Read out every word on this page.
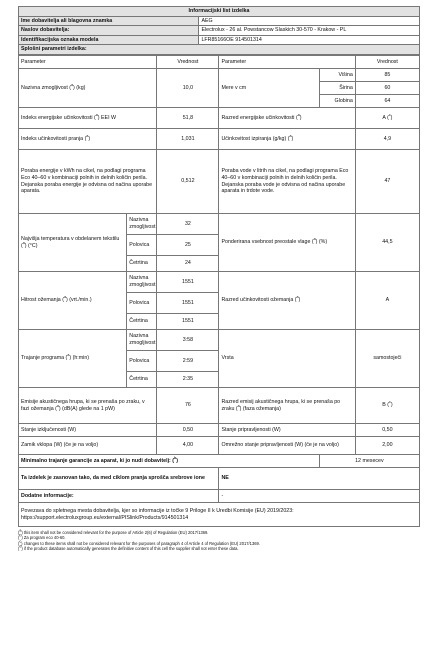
Informacijski list izdelka	
Ime dobavitelja ali blagovna znamka	AEG
Naslov dobavitelja:	Electrolux - 26 al. Powstancow Slaskich 30-570 - Krakow - PL
Identifikacijska oznaka modela	LFR85166OE 914501314
Splošni parametri izdelka:	
Parameter		Vrednost	Parameter		Vrednost
Nazivna zmogljivost ($^a$) (kg)		10,0	Mere v cm	Višina	85
				Širina	60
				Globina	64
Indeks energijske učinkovitosti ($^a$) EEI W		51,8	Razred energijske učinkovitosti ($^a$)		A ($^c$)
Indeks učinkovitosti pranja ($^a$)		1,031	Učinkovitost izpiranja (g/kg) ($^a$)		4,9
Poraba energije v kWh na cikel, na podlagi programa Eco 40–60 v kombinaciji polnih in delnih količin perila. Dejanska poraba energije je odvisna od načina uporabe aparata.		0,512	Poraba vode v litrih na cikel, na podlagi programa Eco 40–60 v kombinaciji polnih in delnih količin perila. Dejanska poraba vode je odvisna od načina uporabe aparata in trdote vode.		47
Najvišja temperatura v obdelanem tekstilu ($^a$) (°C)	Nazivna zmogljivost	32	Ponderirana vsebnost preostale vlage ($^a$) (%)		44,5
	Polovica	25			
	Četrtina	24			
Hitrost ožemanja ($^a$) (vrt./min.)	Nazivna zmogljivost	1551	Razred učinkovitosti ožemanja ($^a$)		A
	Polovica	1551			
	Četrtina	1551			
Trajanje programa ($^a$) (h:min)	Nazivna zmogljivost	3:58	Vrsta		samostoječi
	Polovica	2:59			
	Četrtina	2:35			
Emisije akustičnega hrupa, ki se prenaša po zraku, v fazi ožemanja ($^a$) (dB(A) glede na 1 pW)		76	Razred emisij akustičnega hrupa, ki se prenaša po zraku ($^a$) (faza ožemanja)		B ($^c$)
Stanje izključenosti (W)		0,50	Stanje pripravljenosti (W)		0,50
Zamik vklopa (W) (če je na voljo)		4,00	Omrežno stanje pripravljenosti (W) (če je na voljo)		2,00
Minimalno trajanje garancije za aparat, ki jo nudi dobavitelj: ($^b$)				12 mesecev	
Ta izdelek je zasnovan tako, da med ciklom pranja sprošča srebrove ione			NE		
Dodatne informacije:			-		
Povezava do spletnega mesta dobavitelja, kjer so informacije iz točke 9 Priloge II k Uredbi Komisije (EU) 2019/2023: https://support.electroluxgroup.eu/external/PISlink/Products/914501314					

($^a$) this item shall not be considered relevant for the purpose of Article 2(6) of Regulation (EU) 2017/1369.

($^b$) Za program eco 40-60.

($^c$) changes to these items shall not be considered relevant for the purposes of paragraph 4 of Article 4 of Regulation (EU) 2017/1369.

($^d$) if the product database automatically generates the definitive content of this cell the supplier shall not enter these data.
